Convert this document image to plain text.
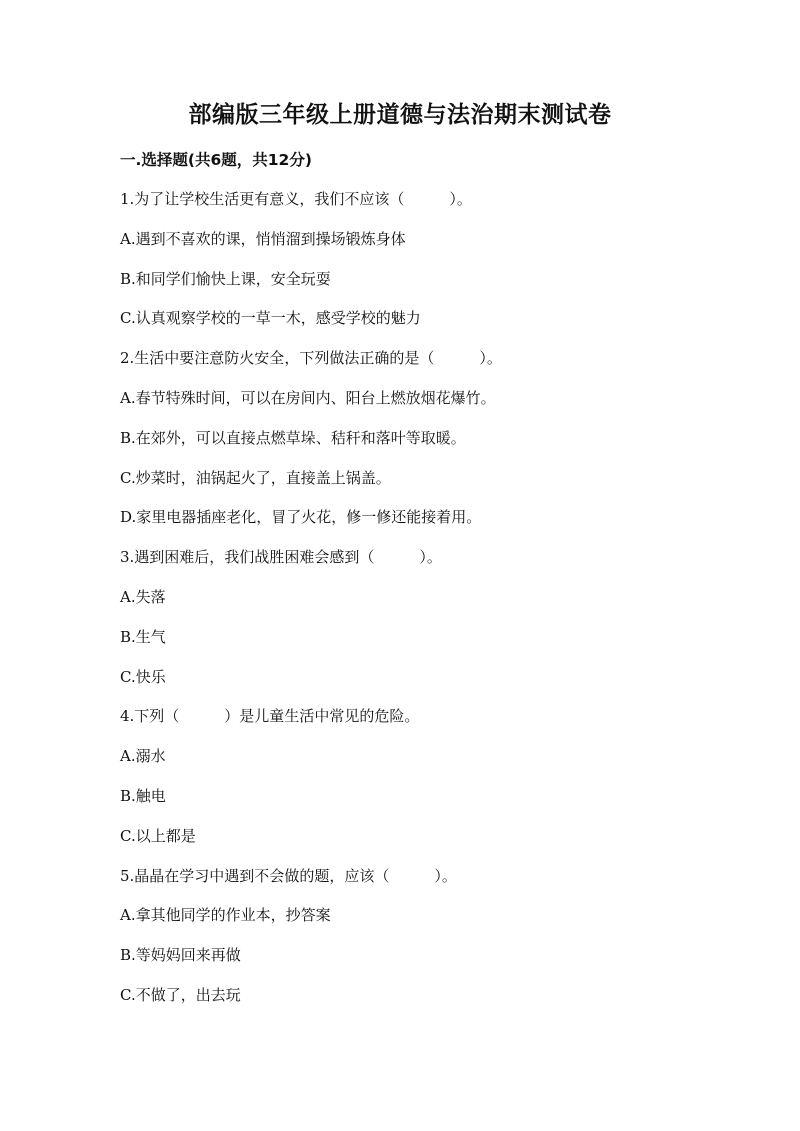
部编版三年级上册道德与法治期末测试卷
一.选择题(共6题，共12分)
1.为了让学校生活更有意义，我们不应该（　　　）。
A.遇到不喜欢的课，悄悄溜到操场锻炼身体
B.和同学们愉快上课，安全玩耍
C.认真观察学校的一草一木，感受学校的魅力
2.生活中要注意防火安全，下列做法正确的是（　　　）。
A.春节特殊时间，可以在房间内、阳台上燃放烟花爆竹。
B.在郊外，可以直接点燃草垛、秸秆和落叶等取暖。
C.炒菜时，油锅起火了，直接盖上锅盖。
D.家里电器插座老化，冒了火花，修一修还能接着用。
3.遇到困难后，我们战胜困难会感到（　　　）。
A.失落
B.生气
C.快乐
4.下列（　　　）是儿童生活中常见的危险。
A.溺水
B.触电
C.以上都是
5.晶晶在学习中遇到不会做的题，应该（　　　）。
A.拿其他同学的作业本，抄答案
B.等妈妈回来再做
C.不做了，出去玩
